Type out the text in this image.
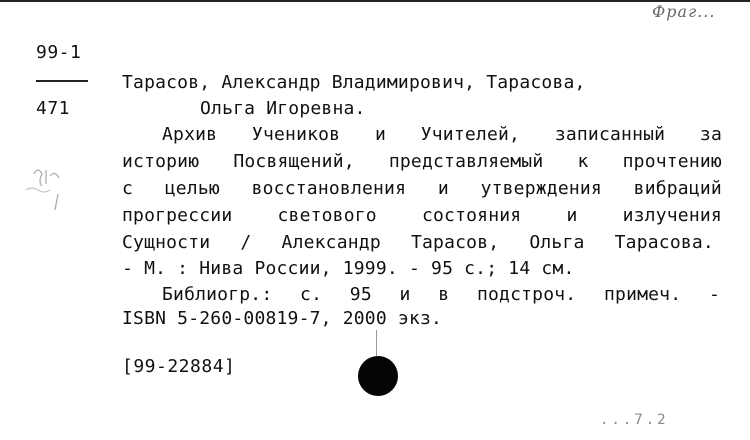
Фраг...
99-1
471
Тарасов, Александр Владимирович, Тарасова,
Ольга Игоревна.
Архив Учеников и Учителей, записанный за
историю Посвящений, представляемый к прочтению
с целью восстановления и утверждения вибраций
прогрессии	светового	состояния	и	излучения
Сущности / Александр Тарасов, Ольга Тарасова.
- М. : Нива России, 1999. - 95 с.; 14 см.
Библиогр.: с. 95 и в подстроч. примеч. -
ISBN 5-260-00819-7, 2000 экз.
[99-22884]
...7.2
